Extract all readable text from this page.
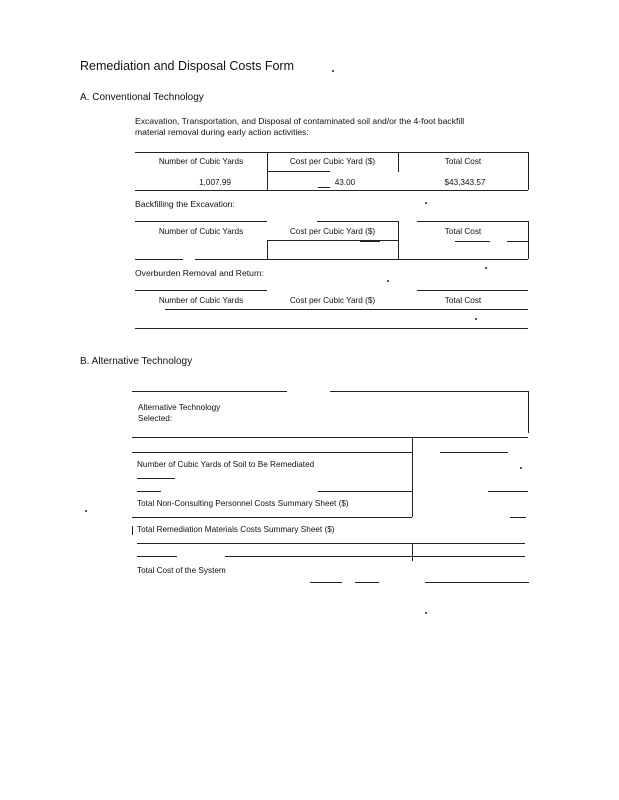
Remediation and Disposal Costs Form
A. Conventional Technology
Excavation, Transportation, and Disposal of contaminated soil and/or the 4-foot backfill
material removal during early action activities:
Number of Cubic Yards	Cost per Cubic Yard ($)	Total Cost
1,007.99	43.00	$43,343.57
Backfilling the Excavation:
Number of Cubic Yards	Cost per Cubic Yard ($)	Total Cost
Overburden Removal and Return:
Number of Cubic Yards	Cost per Cubic Yard ($)	Total Cost
B. Alternative Technology
Alternative Technology
Selected:
Number of Cubic Yards of Soil to Be Remediated
Total Non-Consulting Personnel Costs Summary Sheet ($)
Total Remediation Materials Costs Summary Sheet ($)
Total Cost of the System
